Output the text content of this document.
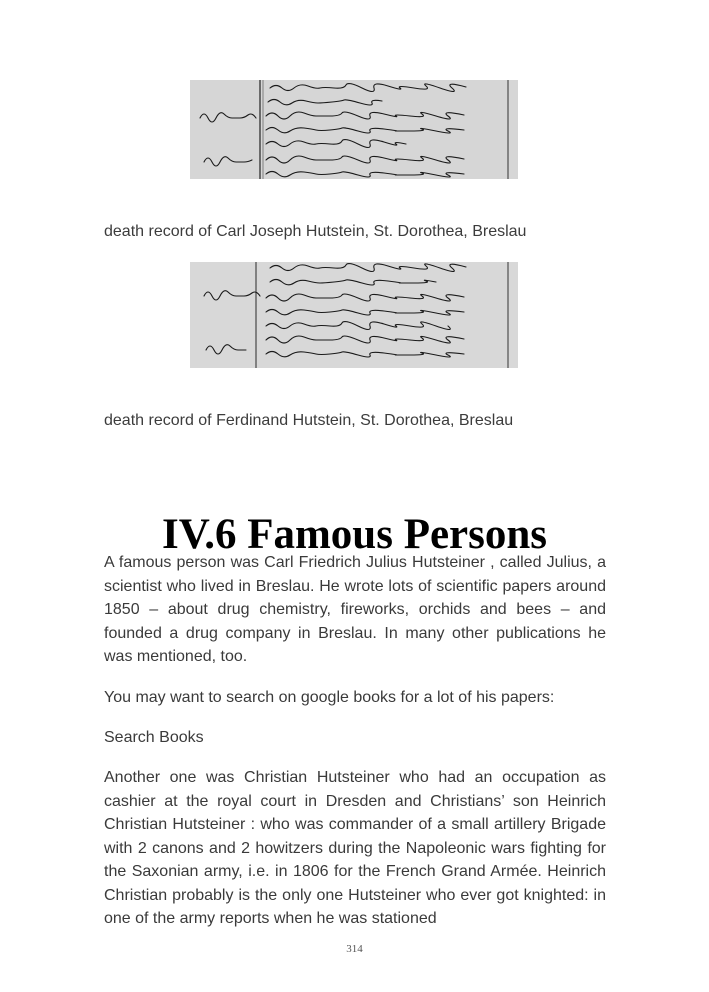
death record of Carl Joseph Hutstein, St. Dorothea, Breslau
death record of Ferdinand Hutstein, St. Dorothea, Breslau
IV.6 Famous Persons

A famous person was Carl Friedrich Julius Hutsteiner , called Julius, a scientist who lived in Breslau. He wrote lots of scientific papers around 1850 – about drug chemistry, fireworks, orchids and bees – and founded a drug company in Breslau. In many other publications he was mentioned, too.

You may want to search on google books for a lot of his papers:

Search Books

Another one was Christian Hutsteiner who had an occupation as cashier at the royal court in Dresden and Christians’ son Heinrich Christian Hutsteiner : who was commander of a small artillery Brigade with 2 canons and 2 howitzers during the Napoleonic wars fighting for the Saxonian army, i.e. in 1806 for the French Grand Armée. Heinrich Christian probably is the only one Hutsteiner who ever got knighted: in one of the army reports when he was stationed

314
